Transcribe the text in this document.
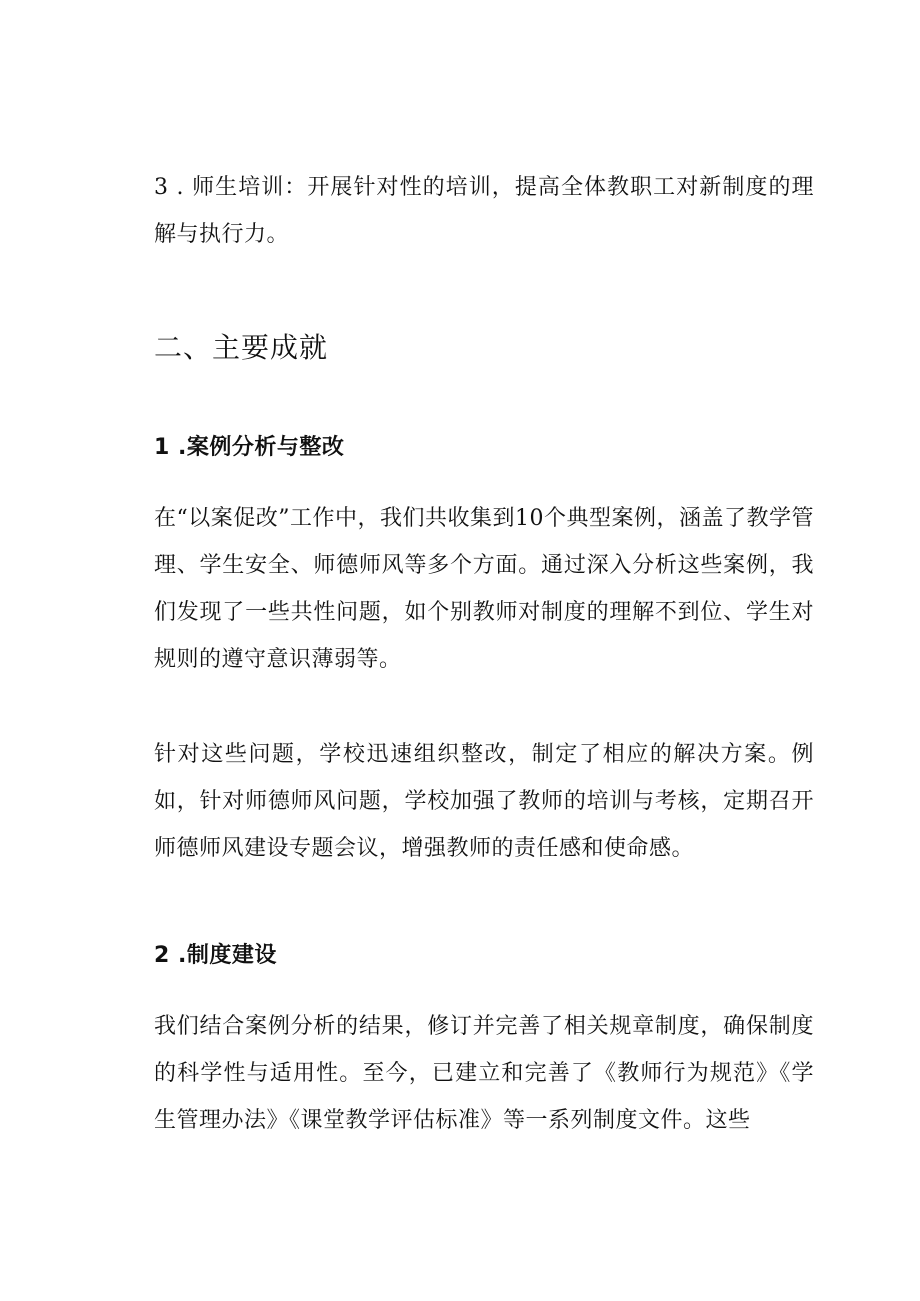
3 . 师生培训：开展针对性的培训，提高全体教职工对新制度的理解与执行力。
二、主要成就
1 .案例分析与整改
在“以案促改”工作中，我们共收集到10个典型案例，涵盖了教学管理、学生安全、师德师风等多个方面。通过深入分析这些案例，我们发现了一些共性问题，如个别教师对制度的理解不到位、学生对规则的遵守意识薄弱等。
针对这些问题，学校迅速组织整改，制定了相应的解决方案。例如，针对师德师风问题，学校加强了教师的培训与考核，定期召开师德师风建设专题会议，增强教师的责任感和使命感。
2 .制度建设
我们结合案例分析的结果，修订并完善了相关规章制度，确保制度的科学性与适用性。至今，已建立和完善了《教师行为规范》《学生管理办法》《课堂教学评估标准》等一系列制度文件。这些
